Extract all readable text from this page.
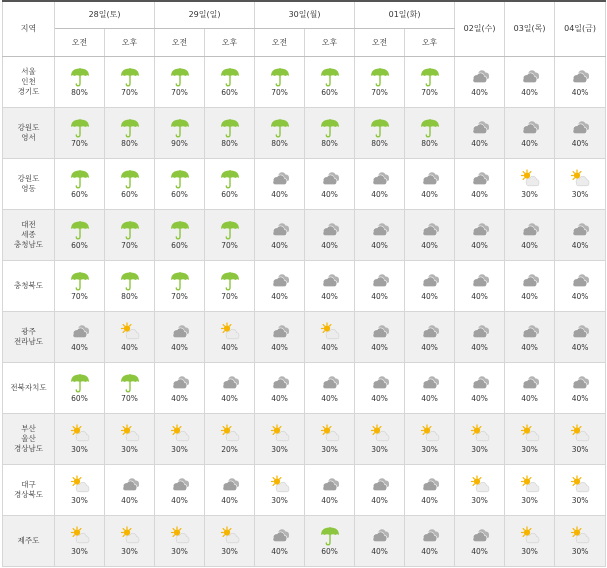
지역	28일(토)		29일(일)		30일(월)		01일(화)		02일(수)	03일(목)	04일(금)
	오전	오후	오전	오후	오전	오후	오전	오후			
서울
인천
경기도	80%	70%	70%	60%	70%	60%	70%	70%	40%	40%	40%

강원도
영서	70%	80%	90%	80%	80%	80%	80%	80%	40%	40%	40%

강원도
영동	60%	60%	60%	60%	40%	40%	40%	40%	40%	30%	30%

대전
세종
충청남도	60%	70%	60%	70%	40%	40%	40%	40%	40%	40%	40%

충청북도	70%	80%	70%	70%	40%	40%	40%	40%	40%	40%	40%

광주
전라남도	40%	40%	40%	40%	40%	40%	40%	40%	40%	40%	40%

전북자치도	60%	70%	40%	40%	40%	40%	40%	40%	40%	40%	40%

부산
울산
경상남도	30%	30%	30%	20%	30%	30%	30%	30%	30%	30%	30%

대구
경상북도	30%	40%	40%	40%	30%	40%	40%	40%	30%	30%	30%

제주도	30%	30%	30%	30%	40%	60%	40%	40%	40%	30%	30%
